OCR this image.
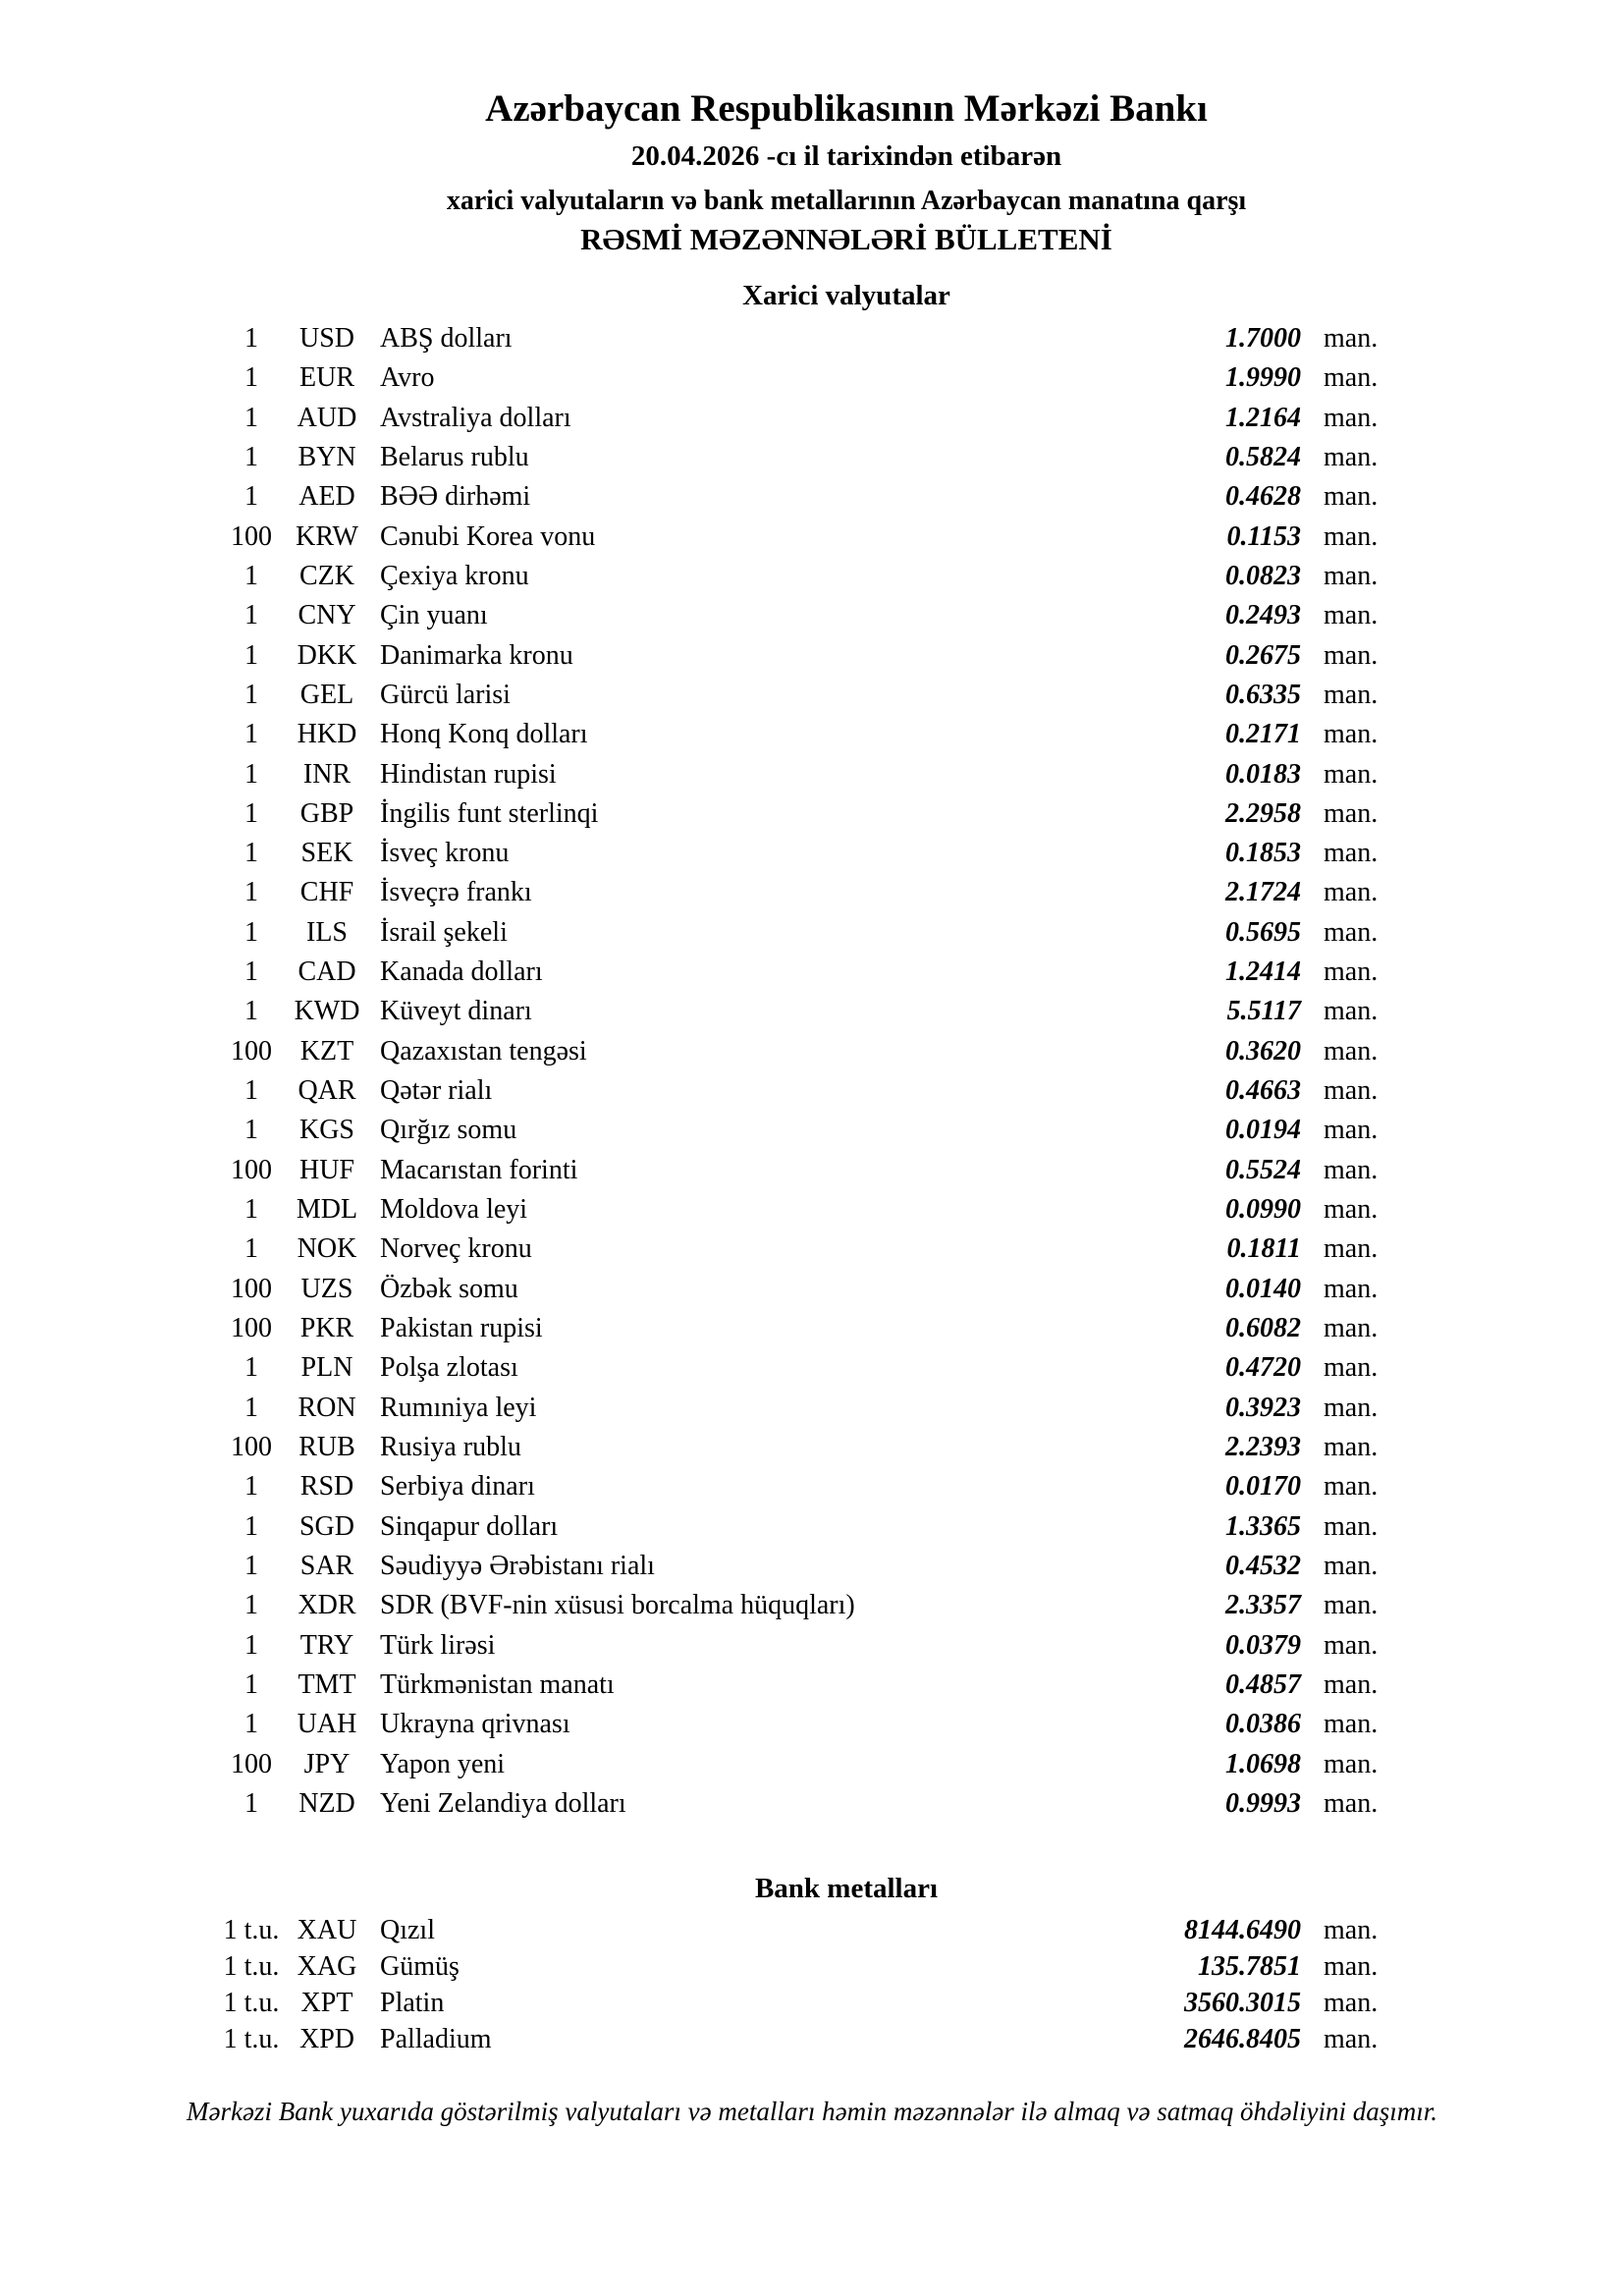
Azərbaycan Respublikasının Mərkəzi Bankı
20.04.2026 -cı il tarixindən etibarən
xarici valyutaların və bank metallarının Azərbaycan manatına qarşı
RƏSMİ MƏZƏNNƏLƏRİ BÜLLETENİ
Xarici valyutalar
1	USD ABŞ dolları	1.7000 man.
1	EUR Avro	1.9990 man.
1	AUD Avstraliya dolları	1.2164 man.
1	BYN Belarus rublu	0.5824 man.
1	AED BƏƏ dirhəmi	0.4628 man.
100 KRW Cənubi Korea vonu	0.1153 man.
1	CZK Çexiya kronu	0.0823 man.
1	CNY Çin yuanı	0.2493 man.
1	DKK Danimarka kronu	0.2675 man.
1	GEL Gürcü larisi	0.6335 man.
1	HKD Honq Konq dolları	0.2171 man.
1	INR	Hindistan rupisi	0.0183 man.
1	GBP İngilis funt sterlinqi	2.2958 man.
1	SEK İsveç kronu	0.1853 man.
1	CHF İsveçrə frankı	2.1724 man.
1	ILS	İsrail şekeli	0.5695 man.
1	CAD Kanada dolları	1.2414 man.
1	KWD Küveyt dinarı	5.5117 man.
100	KZT Qazaxıstan tengəsi	0.3620 man.
1	QAR Qətər rialı	0.4663 man.
1	KGS Qırğız somu	0.0194 man.
100 HUF Macarıstan forinti	0.5524 man.
1	MDL Moldova leyi	0.0990 man.
1	NOK Norveç kronu	0.1811 man.
100	UZS Özbək somu	0.0140 man.
100	PKR Pakistan rupisi	0.6082 man.
1	PLN Polşa zlotası	0.4720 man.
1	RON Rumıniya leyi	0.3923 man.
100 RUB Rusiya rublu	2.2393 man.
1	RSD Serbiya dinarı	0.0170 man.
1	SGD Sinqapur dolları	1.3365 man.
1	SAR Səudiyyə Ərəbistanı rialı	0.4532 man.
1	XDR SDR (BVF-nin xüsusi borcalma hüquqları)	2.3357 man.
1	TRY Türk lirəsi	0.0379 man.
1	TMT Türkmənistan manatı	0.4857 man.
1	UAH Ukrayna qrivnası	0.0386 man.
100	JPY	Yapon yeni	1.0698 man.
1	NZD Yeni Zelandiya dolları	0.9993 man.
Bank metalları
1 t.u. XAU Qızıl	8144.6490 man.
1 t.u. XAG Gümüş	135.7851 man.
1 t.u. XPT Platin	3560.3015 man.
1 t.u. XPD Palladium	2646.8405 man.
Mərkəzi Bank yuxarıda göstərilmiş valyutaları və metalları həmin məzənnələr ilə almaq və satmaq öhdəliyini daşımır.
